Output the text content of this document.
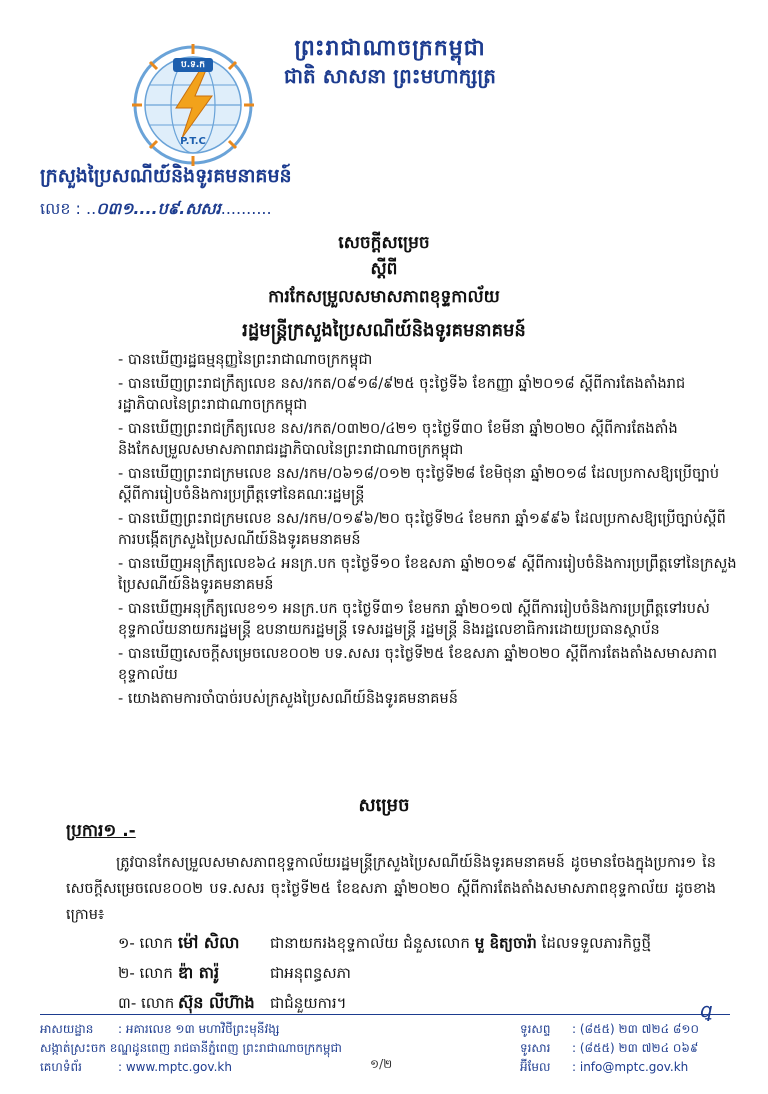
ព្រះរាជាណាចក្រកម្ពុជា
ជាតិ សាសនា ព្រះមហាក្សត្រ
ប.ទ.ក
P.T.C
ក្រសួងប្រៃសណីយ៍និងទូរគមនាគមន៍
លេខ : ..០៣១....ប៩.សសរ..........
សេចក្តីសម្រេច
ស្តីពី
ការកែសម្រួលសមាសភាពខុទ្ទកាល័យ
រដ្ឋមន្ត្រីក្រសួងប្រៃសណីយ៍និងទូរគមនាគមន៍
- បានឃើញរដ្ឋធម្មនុញ្ញនៃព្រះរាជាណាចក្រកម្ពុជា
- បានឃើញព្រះរាជក្រឹត្យលេខ នស/រកត/០៩១៨/៩២៥ ចុះថ្ងៃទី៦ ខែកញ្ញា ឆ្នាំ២០១៨ ស្តីពីការតែងតាំងរាជរដ្ឋាភិបាលនៃព្រះរាជាណាចក្រកម្ពុជា
- បានឃើញព្រះរាជក្រឹត្យលេខ នស/រកត/០៣២០/៤២១ ចុះថ្ងៃទី៣០ ខែមីនា ឆ្នាំ២០២០ ស្តីពីការតែងតាំងនិងកែសម្រួលសមាសភាពរាជរដ្ឋាភិបាលនៃព្រះរាជាណាចក្រកម្ពុជា
- បានឃើញព្រះរាជក្រមលេខ នស/រកម/០៦១៨/០១២ ចុះថ្ងៃទី២៨ ខែមិថុនា ឆ្នាំ២០១៨ ដែលប្រកាសឱ្យប្រើច្បាប់ស្តីពីការរៀបចំនិងការប្រព្រឹត្តទៅនៃគណៈរដ្ឋមន្ត្រី
- បានឃើញព្រះរាជក្រមលេខ នស/រកម/០១៩៦/២០ ចុះថ្ងៃទី២៤ ខែមករា ឆ្នាំ១៩៩៦ ដែលប្រកាសឱ្យប្រើច្បាប់ស្តីពីការបង្កើតក្រសួងប្រៃសណីយ៍និងទូរគមនាគមន៍
- បានឃើញអនុក្រឹត្យលេខ៦៤ អនក្រ.បក ចុះថ្ងៃទី១០ ខែឧសភា ឆ្នាំ២០១៩ ស្តីពីការរៀបចំនិងការប្រព្រឹត្តទៅនៃក្រសួងប្រៃសណីយ៍និងទូរគមនាគមន៍
- បានឃើញអនុក្រឹត្យលេខ១១ អនក្រ.បក ចុះថ្ងៃទី៣១ ខែមករា ឆ្នាំ២០១៧ ស្តីពីការរៀបចំនិងការប្រព្រឹត្តទៅរបស់ខុទ្ទកាល័យនាយករដ្ឋមន្ត្រី ឧបនាយករដ្ឋមន្ត្រី ទេសរដ្ឋមន្ត្រី រដ្ឋមន្ត្រី និងរដ្ឋលេខាធិការដោយប្រធានស្ថាប័ន
- បានឃើញសេចក្តីសម្រេចលេខ០០២ បទ.សសរ ចុះថ្ងៃទី២៥ ខែឧសភា ឆ្នាំ២០២០ ស្តីពីការតែងតាំងសមាសភាពខុទ្ទកាល័យ
- យោងតាមការចាំបាច់របស់ក្រសួងប្រៃសណីយ៍និងទូរគមនាគមន៍
សម្រេច
ប្រការ១ .-
ត្រូវបានកែសម្រួលសមាសភាពខុទ្ទកាល័យរដ្ឋមន្ត្រីក្រសួងប្រៃសណីយ៍និងទូរគមនាគមន៍ ដូចមានចែងក្នុងប្រការ១ នៃសេចក្តីសម្រេចលេខ០០២ បទ.សសរ ចុះថ្ងៃទី២៥ ខែឧសភា ឆ្នាំ២០២០ ស្តីពីការតែងតាំងសមាសភាពខុទ្ទកាល័យ ដូចខាងក្រោម៖
១- លោក ម៉ៅ សិលា ជានាយករងខុទ្ទកាល័យ ជំនួសលោក មួ ឧិត្យចារ៉ា ដែលទទួលភារកិច្ចថ្មី
២- លោក ឌ៉ា តារ៉ូ	ជាអនុពន្ធសភា
៣- លោក ស៊ុន លីហ៊ាង ជាជំនួយការ។	ꝗ
អាសយដ្ឋាន : អគារលេខ ១៣ មហាវិថីព្រះមុនីវង្ស
សង្កាត់ស្រះចក ខណ្ឌដូនពេញ រាជធានីភ្នំពេញ ព្រះរាជាណាចក្រកម្ពុជា
គេហទំព័រ	: www.mptc.gov.kh	១/២
ទូរសព្ទ : (៨៥៥) ២៣ ៧២៤ ៨១០
ទូរសារ : (៨៥៥) ២៣ ៧២៤ ០៦៩
អ៊ីមែល : info@mptc.gov.kh
